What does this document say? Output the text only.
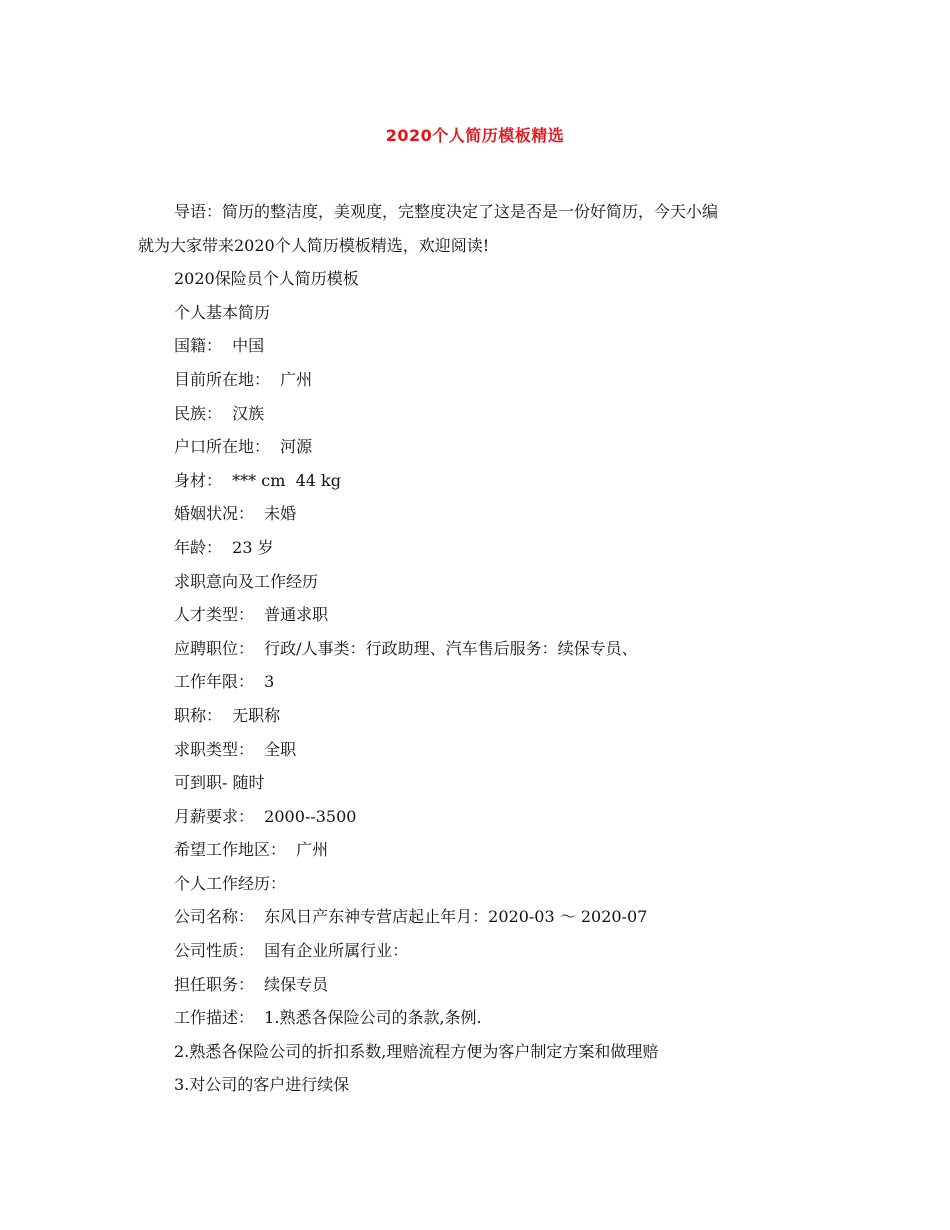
2020个人简历模板精选
导语：简历的整洁度，美观度，完整度决定了这是否是一份好简历，今天小编
就为大家带来2020个人简历模板精选，欢迎阅读!
2020保险员个人简历模板
个人基本简历
国籍：  中国
目前所在地：  广州
民族：  汉族
户口所在地：  河源
身材：  *** cm  44 kg
婚姻状况：  未婚
年龄：  23 岁
求职意向及工作经历
人才类型：  普通求职
应聘职位：  行政/人事类：行政助理、汽车售后服务：续保专员、
工作年限：  3
职称：  无职称
求职类型：  全职
可到职- 随时
月薪要求：  2000--3500
希望工作地区：  广州
个人工作经历：
公司名称：  东风日产东神专营店起止年月：2020-03 ～ 2020-07
公司性质：  国有企业所属行业：
担任职务：  续保专员
工作描述：  1.熟悉各保险公司的条款,条例.
2.熟悉各保险公司的折扣系数,理赔流程方便为客户制定方案和做理赔
3.对公司的客户进行续保
